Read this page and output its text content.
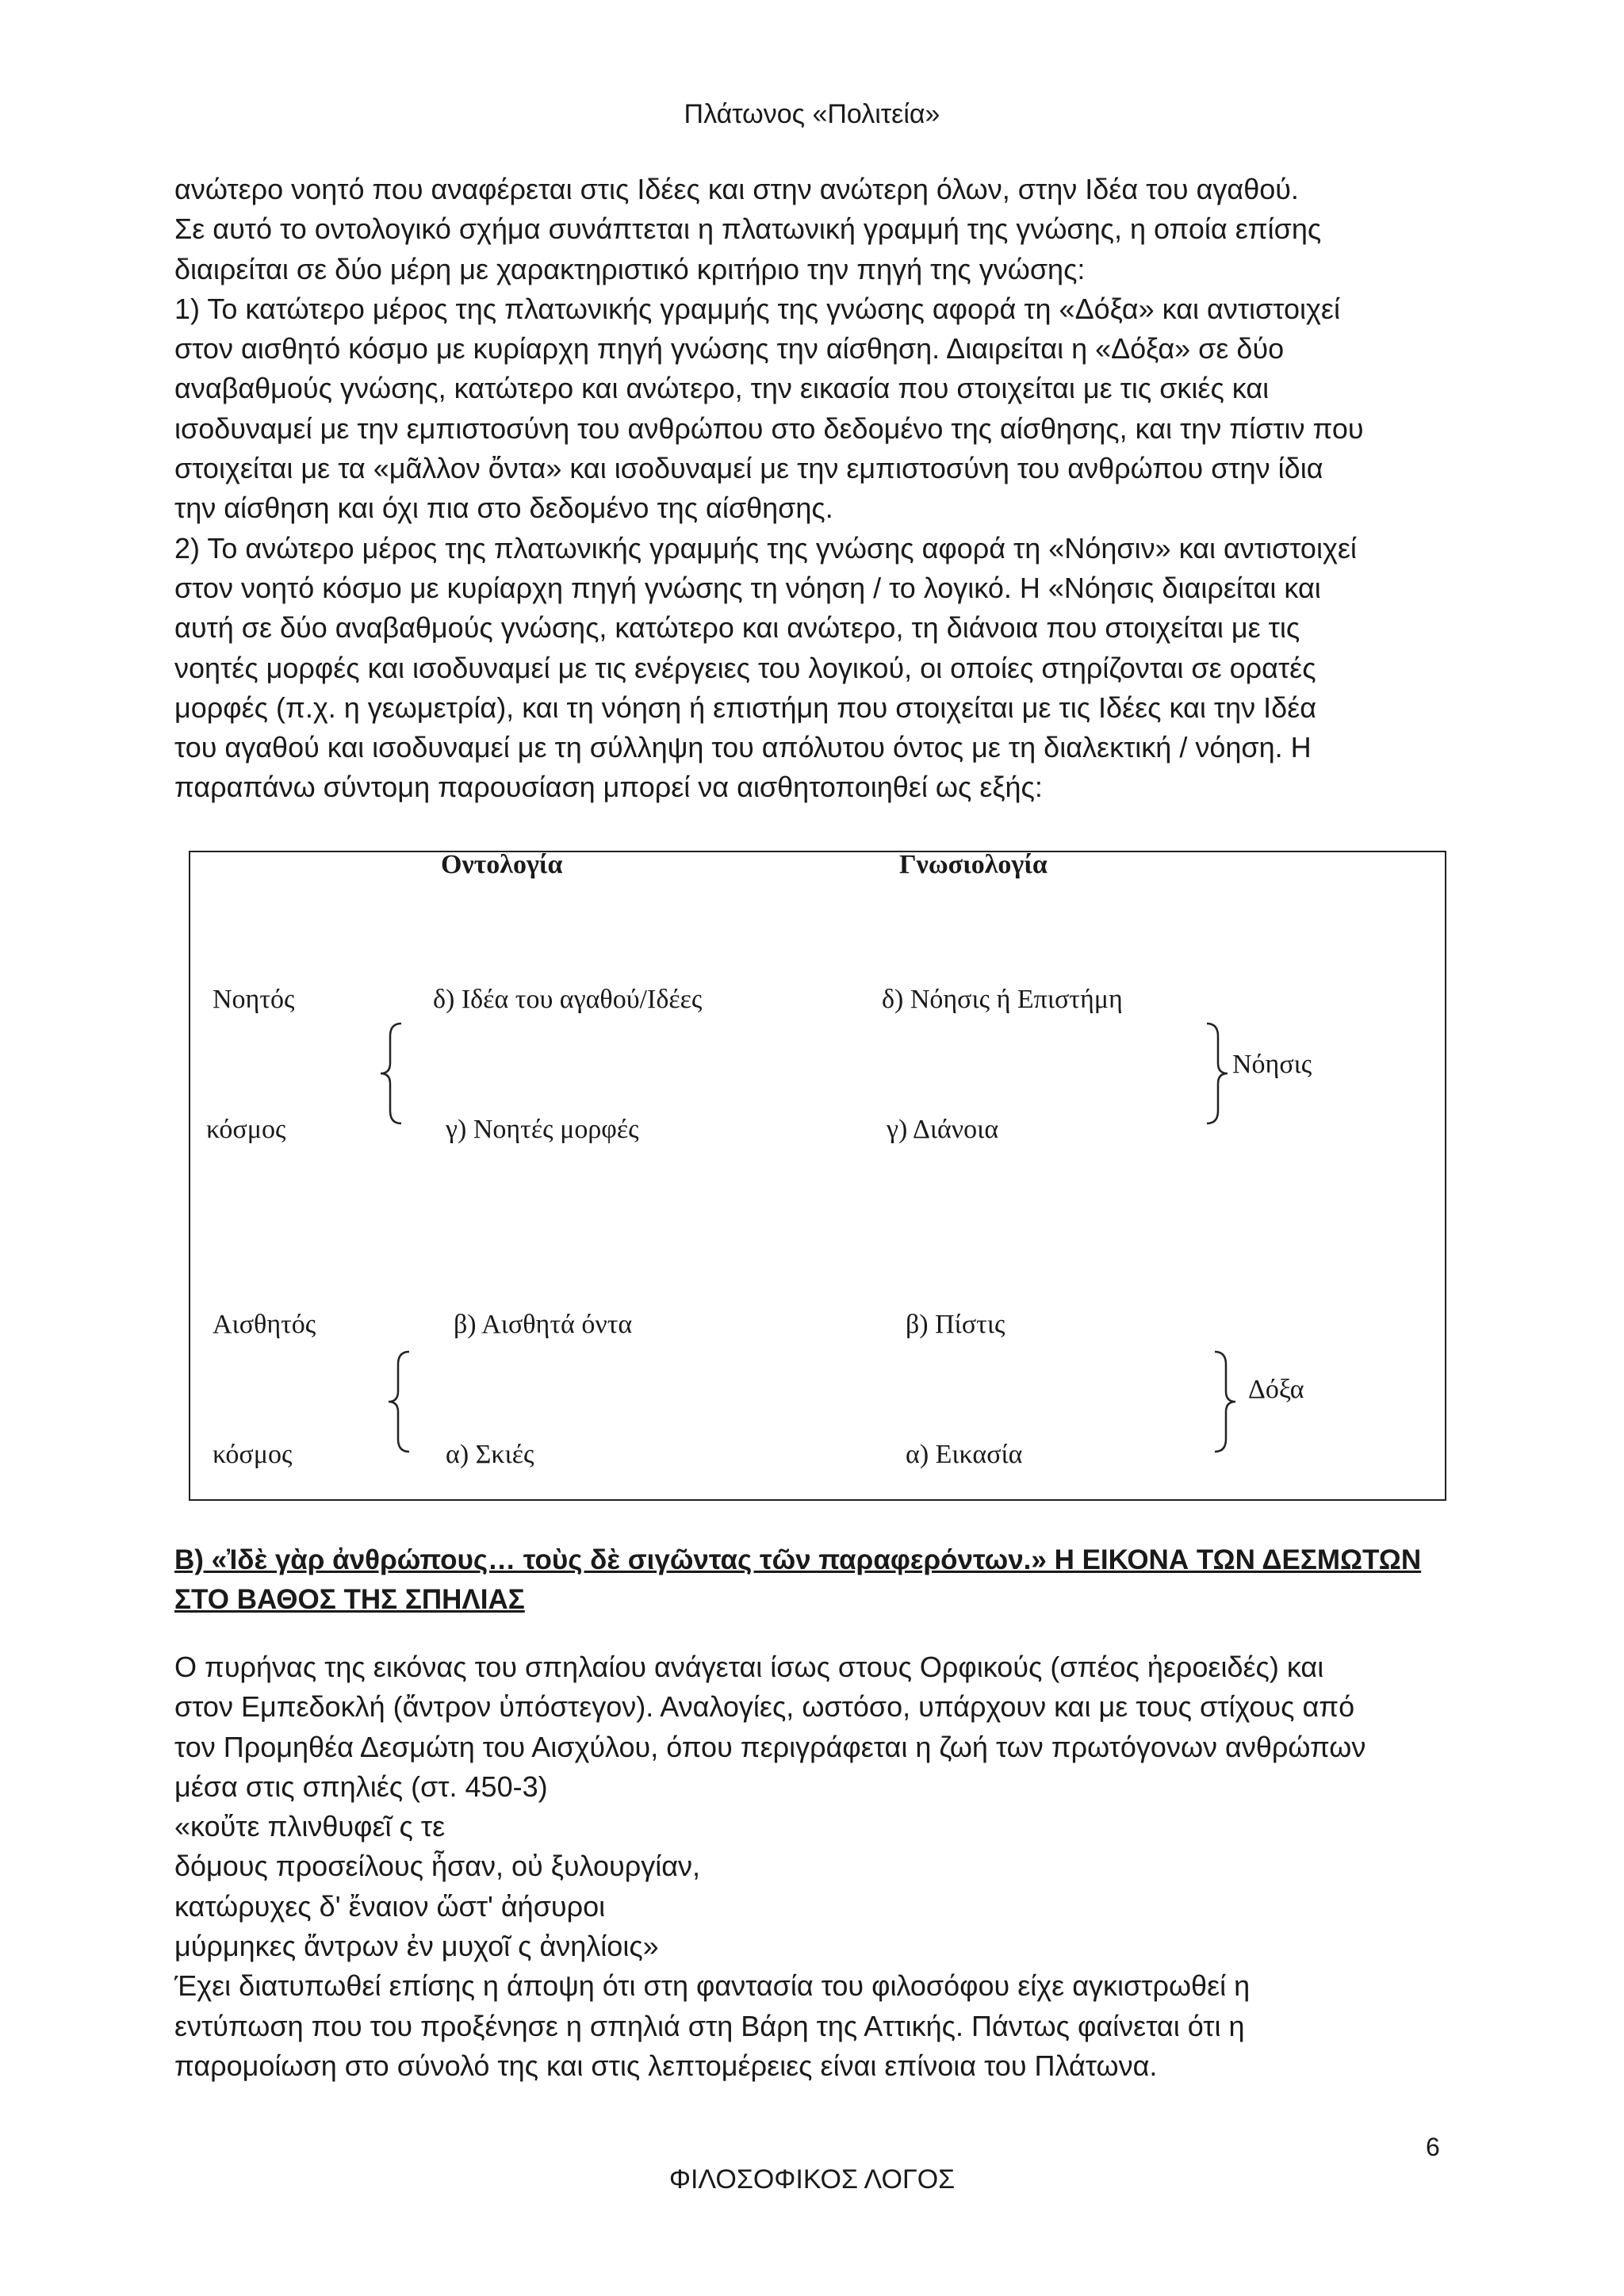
Πλάτωνος «Πολιτεία»

ανώτερο νοητό που αναφέρεται στις Ιδέες και στην ανώτερη όλων, στην Ιδέα του αγαθού.

Σε αυτό το οντολογικό σχήμα συνάπτεται η πλατωνική γραμμή της γνώσης, η οποία επίσης

διαιρείται σε δύο μέρη με χαρακτηριστικό κριτήριο την πηγή της γνώσης:

1) Το κατώτερο μέρος της πλατωνικής γραμμής της γνώσης αφορά τη «Δόξα» και αντιστοιχεί

στον αισθητό κόσμο με κυρίαρχη πηγή γνώσης την αίσθηση. Διαιρείται η «Δόξα» σε δύο

αναβαθμούς γνώσης, κατώτερο και ανώτερο, την εικασία που στοιχείται με τις σκιές και

ισοδυναμεί με την εμπιστοσύνη του ανθρώπου στο δεδομένο της αίσθησης, και την πίστιν που

στοιχείται με τα «μᾶλλον ὄντα» και ισοδυναμεί με την εμπιστοσύνη του ανθρώπου στην ίδια

την αίσθηση και όχι πια στο δεδομένο της αίσθησης.

2) Το ανώτερο μέρος της πλατωνικής γραμμής της γνώσης αφορά τη «Νόησιν» και αντιστοιχεί

στον νοητό κόσμο με κυρίαρχη πηγή γνώσης τη νόηση / το λογικό. Η «Νόησις διαιρείται και

αυτή σε δύο αναβαθμούς γνώσης, κατώτερο και ανώτερο, τη διάνοια που στοιχείται με τις

νοητές μορφές και ισοδυναμεί με τις ενέργειες του λογικού, οι οποίες στηρίζονται σε ορατές

μορφές (π.χ. η γεωμετρία), και τη νόηση ή επιστήμη που στοιχείται με τις Ιδέες και την Ιδέα

του αγαθού και ισοδυναμεί με τη σύλληψη του απόλυτου όντος με τη διαλεκτική / νόηση. Η

παραπάνω σύντομη παρουσίαση μπορεί να αισθητοποιηθεί ως εξής:

Οντολογία	Γνωσιολογία
Νοητός
κόσμος
δ) Ιδέα του αγαθού/Ιδέες
γ) Νοητές μορφές
δ) Νόησις ή Επιστήμη
γ) Διάνοια
Νόησις
Αισθητός
κόσμος
β) Αισθητά όντα
α) Σκιές
β) Πίστις
α) Εικασία
Δόξα
Β) «Ἰδὲ γὰρ ἀνθρώπους… τοὺς δὲ σιγῶντας τῶν παραφερόντων.» Η ΕΙΚΟΝΑ ΤΩΝ ΔΕΣΜΩΤΩΝ
ΣΤΟ ΒΑΘΟΣ ΤΗΣ ΣΠΗΛΙΑΣ

Ο πυρήνας της εικόνας του σπηλαίου ανάγεται ίσως στους Ορφικούς (σπέος ἠεροειδές) και

στον Εμπεδοκλή (ἄντρον ὑπόστεγον). Αναλογίες, ωστόσο, υπάρχουν και με τους στίχους από

τον Προμηθέα Δεσμώτη του Αισχύλου, όπου περιγράφεται η ζωή των πρωτόγονων ανθρώπων

μέσα στις σπηλιές (στ. 450-3)

«κοὔτε πλινθυφεῖ ς τε

δόμους προσείλους ἦσαν, οὐ ξυλουργίαν,

κατώρυχες δ' ἔναιον ὥστ' ἀήσυροι

μύρμηκες ἄντρων ἐν μυχοῖ ς ἀνηλίοις»

Έχει διατυπωθεί επίσης η άποψη ότι στη φαντασία του φιλοσόφου είχε αγκιστρωθεί η

εντύπωση που του προξένησε η σπηλιά στη Βάρη της Αττικής. Πάντως φαίνεται ότι η

παρομοίωση στο σύνολό της και στις λεπτομέρειες είναι επίνοια του Πλάτωνα.

6
ΦΙΛΟΣΟΦΙΚΟΣ ΛΟΓΟΣ
